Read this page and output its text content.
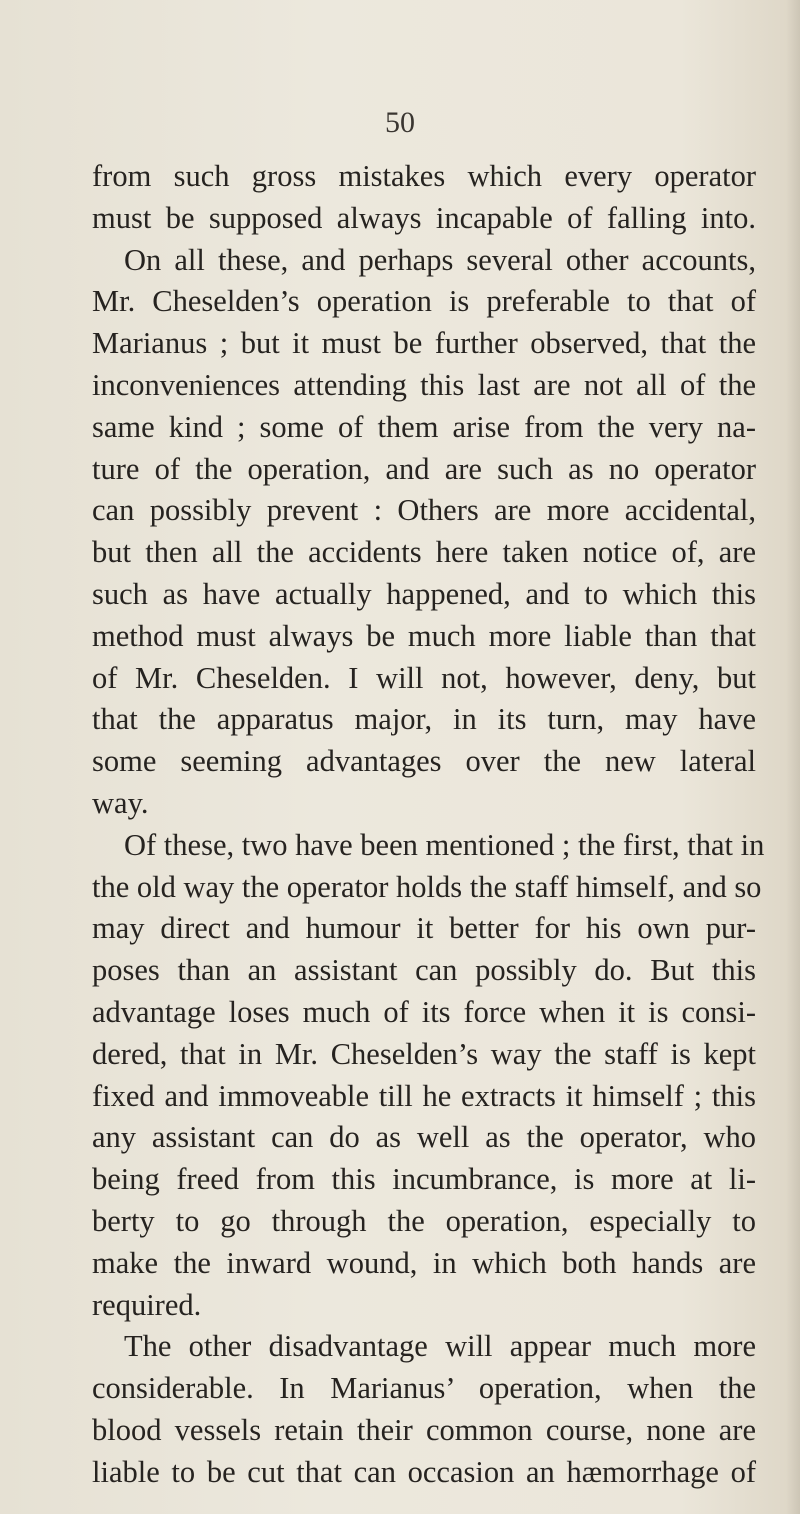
50
from such gross mistakes which every operator
must be supposed always incapable of falling into.
On all these, and perhaps several other accounts,
Mr. Cheselden’s operation is preferable to that of
Marianus ; but it must be further observed, that the
inconveniences attending this last are not all of the
same kind ; some of them arise from the very na-
ture of the operation, and are such as no operator
can possibly prevent : Others are more accidental,
but then all the accidents here taken notice of, are
such as have actually happened, and to which this
method must always be much more liable than that
of Mr. Cheselden. I will not, however, deny, but
that the apparatus major, in its turn, may have
some seeming advantages over the new lateral
way.
Of these, two have been mentioned ; the first, that in
the old way the operator holds the staff himself, and so
may direct and humour it better for his own pur-
poses than an assistant can possibly do. But this
advantage loses much of its force when it is consi-
dered, that in Mr. Cheselden’s way the staff is kept
fixed and immoveable till he extracts it himself ; this
any assistant can do as well as the operator, who
being freed from this incumbrance, is more at li-
berty to go through the operation, especially to
make the inward wound, in which both hands are
required.
The other disadvantage will appear much more
considerable. In Marianus’ operation, when the
blood vessels retain their common course, none are
liable to be cut that can occasion an hæmorrhage of
